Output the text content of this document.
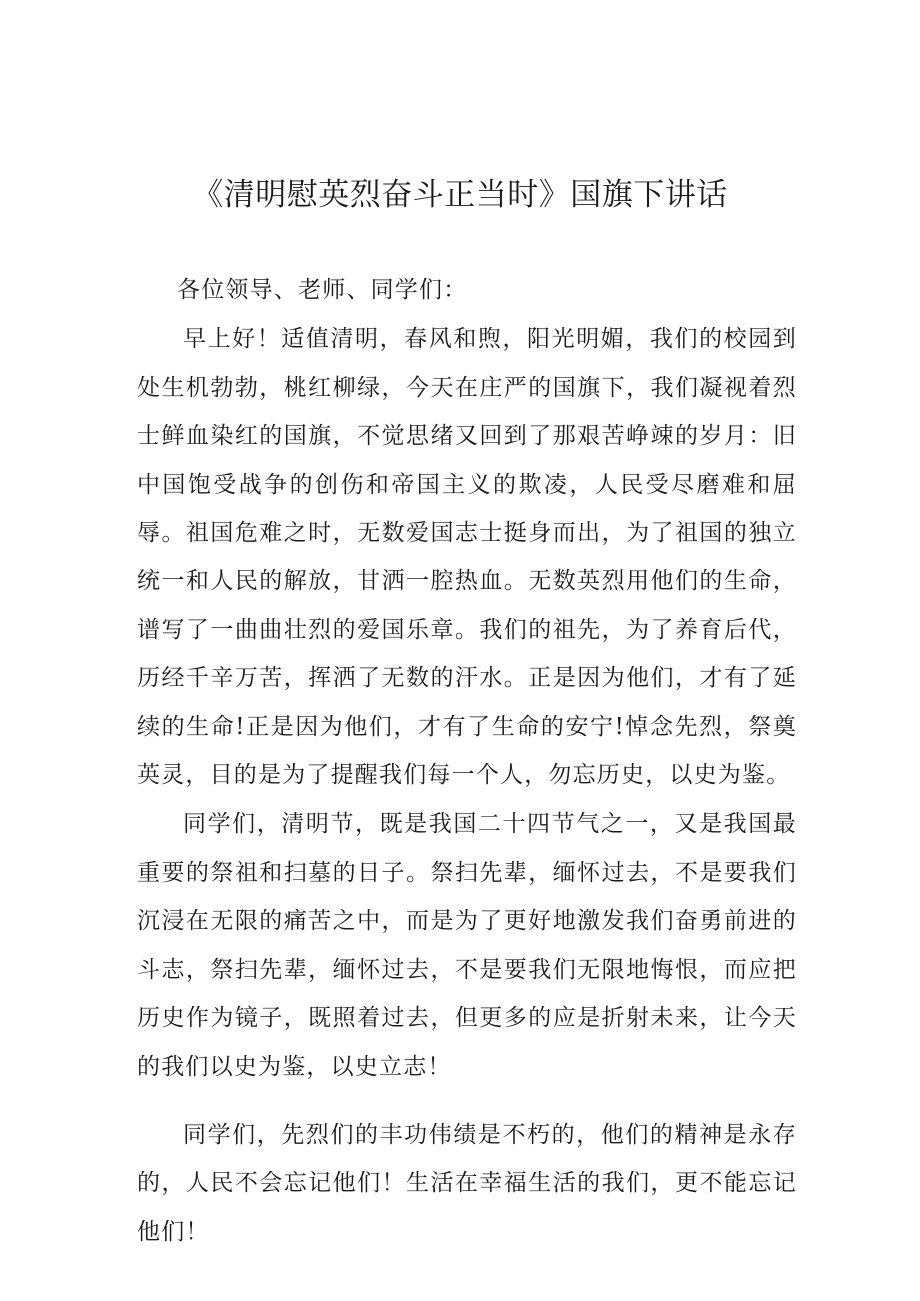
《清明慰英烈奋斗正当时》国旗下讲话

各位领导、老师、同学们：

早上好！适值清明，春风和煦，阳光明媚，我们的校园到处生机勃勃，桃红柳绿，今天在庄严的国旗下，我们凝视着烈士鲜血染红的国旗，不觉思绪又回到了那艰苦峥竦的岁月：旧中国饱受战争的创伤和帝国主义的欺凌，人民受尽磨难和屈辱。祖国危难之时，无数爱国志士挺身而出，为了祖国的独立统一和人民的解放，甘洒一腔热血。无数英烈用他们的生命，谱写了一曲曲壮烈的爱国乐章。我们的祖先，为了养育后代，历经千辛万苦，挥洒了无数的汗水。正是因为他们，才有了延续的生命!正是因为他们，才有了生命的安宁!悼念先烈，祭奠英灵，目的是为了提醒我们每一个人，勿忘历史，以史为鉴。

同学们，清明节，既是我国二十四节气之一，又是我国最重要的祭祖和扫墓的日子。祭扫先辈，缅怀过去，不是要我们沉浸在无限的痛苦之中，而是为了更好地激发我们奋勇前进的斗志，祭扫先辈，缅怀过去，不是要我们无限地悔恨，而应把历史作为镜子，既照着过去，但更多的应是折射未来，让今天的我们以史为鉴，以史立志！

同学们，先烈们的丰功伟绩是不朽的，他们的精神是永存的，人民不会忘记他们！生活在幸福生活的我们，更不能忘记他们！
